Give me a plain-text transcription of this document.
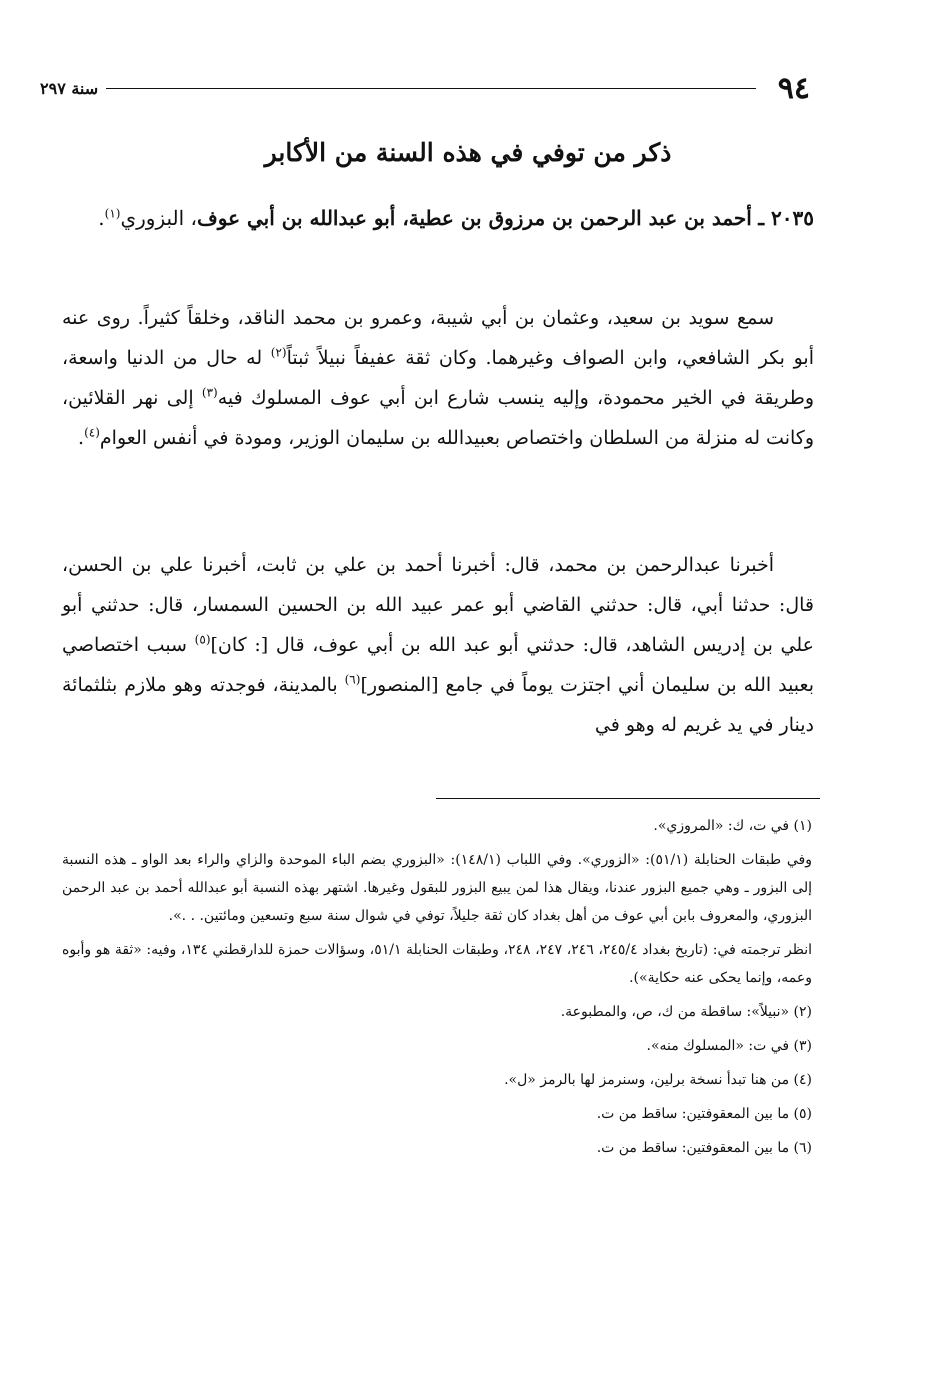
٩٤
سنة ٢٩٧
ذكر من توفي في هذه السنة من الأكابر
٢٠٣٥ ـ أحمد بن عبد الرحمن بن مرزوق بن عطية، أبو عبدالله بن أبي عوف، البزوري$^{(١)}$.
سمع سويد بن سعيد، وعثمان بن أبي شيبة، وعمرو بن محمد الناقد، وخلقاً كثيراً. روى عنه أبو بكر الشافعي، وابن الصواف وغيرهما. وكان ثقة عفيفاً نبيلاً ثبتاً$^{(٢)}$ له حال من الدنيا واسعة، وطريقة في الخير محمودة، وإليه ينسب شارع ابن أبي عوف المسلوك فيه$^{(٣)}$ إلى نهر القلائين، وكانت له منزلة من السلطان واختصاص بعبيدالله بن سليمان الوزير، ومودة في أنفس العوام$^{(٤)}$.
أخبرنا عبدالرحمن بن محمد، قال: أخبرنا أحمد بن علي بن ثابت، أخبرنا علي بن الحسن، قال: حدثنا أبي، قال: حدثني القاضي أبو عمر عبيد الله بن الحسين السمسار، قال: حدثني أبو علي بن إدريس الشاهد، قال: حدثني أبو عبد الله بن أبي عوف، قال [: كان]$^{(٥)}$ سبب اختصاصي بعبيد الله بن سليمان أني اجتزت يوماً في جامع [المنصور]$^{(٦)}$ بالمدينة، فوجدته وهو ملازم بثلثمائة دينار في يد غريم له وهو في

(١) في ت، ك: «المروزي».

وفي طبقات الحنابلة (٥١/١): «الزوري». وفي اللباب (١٤٨/١): «البزوري بضم الباء الموحدة والزاي والراء بعد الواو ـ هذه النسبة إلى البزور ـ وهي جميع البزور عندنا، ويقال هذا لمن يبيع البزور للبقول وغيرها. اشتهر بهذه النسبة أبو عبدالله أحمد بن عبد الرحمن البزوري، والمعروف بابن أبي عوف من أهل بغداد كان ثقة جليلاً، توفي في شوال سنة سبع وتسعين ومائتين. . .».

انظر ترجمته في: (تاريخ بغداد ٢٤٥/٤، ٢٤٦، ٢٤٧، ٢٤٨، وطبقات الحنابلة ٥١/١، وسؤالات حمزة للدارقطني ١٣٤، وفيه: «ثقة هو وأبوه وعمه، وإنما يحكى عنه حكاية»).

(٢) «نبيلاً»: ساقطة من ك، ص، والمطبوعة.

(٣) في ت: «المسلوك منه».

(٤) من هنا تبدأ نسخة برلين، وسنرمز لها بالرمز «ل».

(٥) ما بين المعقوفتين: ساقط من ت.

(٦) ما بين المعقوفتين: ساقط من ت.
